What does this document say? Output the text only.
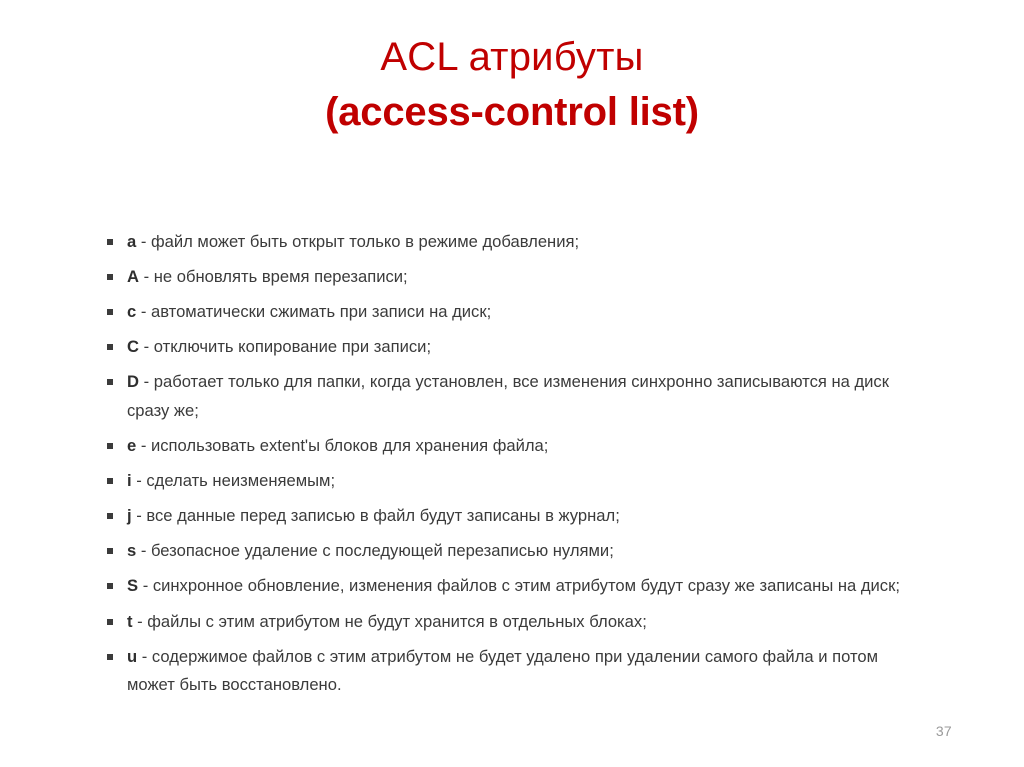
ACL атрибуты
(access-control list)
a - файл может быть открыт только в режиме добавления;
A - не обновлять время перезаписи;
c - автоматически сжимать при записи на диск;
C - отключить копирование при записи;
D - работает только для папки, когда установлен, все изменения синхронно записываются на диск сразу же;
e - использовать extent'ы блоков для хранения файла;
i - сделать неизменяемым;
j - все данные перед записью в файл будут записаны в журнал;
s - безопасное удаление с последующей перезаписью нулями;
S - синхронное обновление, изменения файлов с этим атрибутом будут сразу же записаны на диск;
t - файлы с этим атрибутом не будут хранится в отдельных блоках;
u - содержимое файлов с этим атрибутом не будет удалено при удалении самого файла и потом может быть восстановлено.
37
